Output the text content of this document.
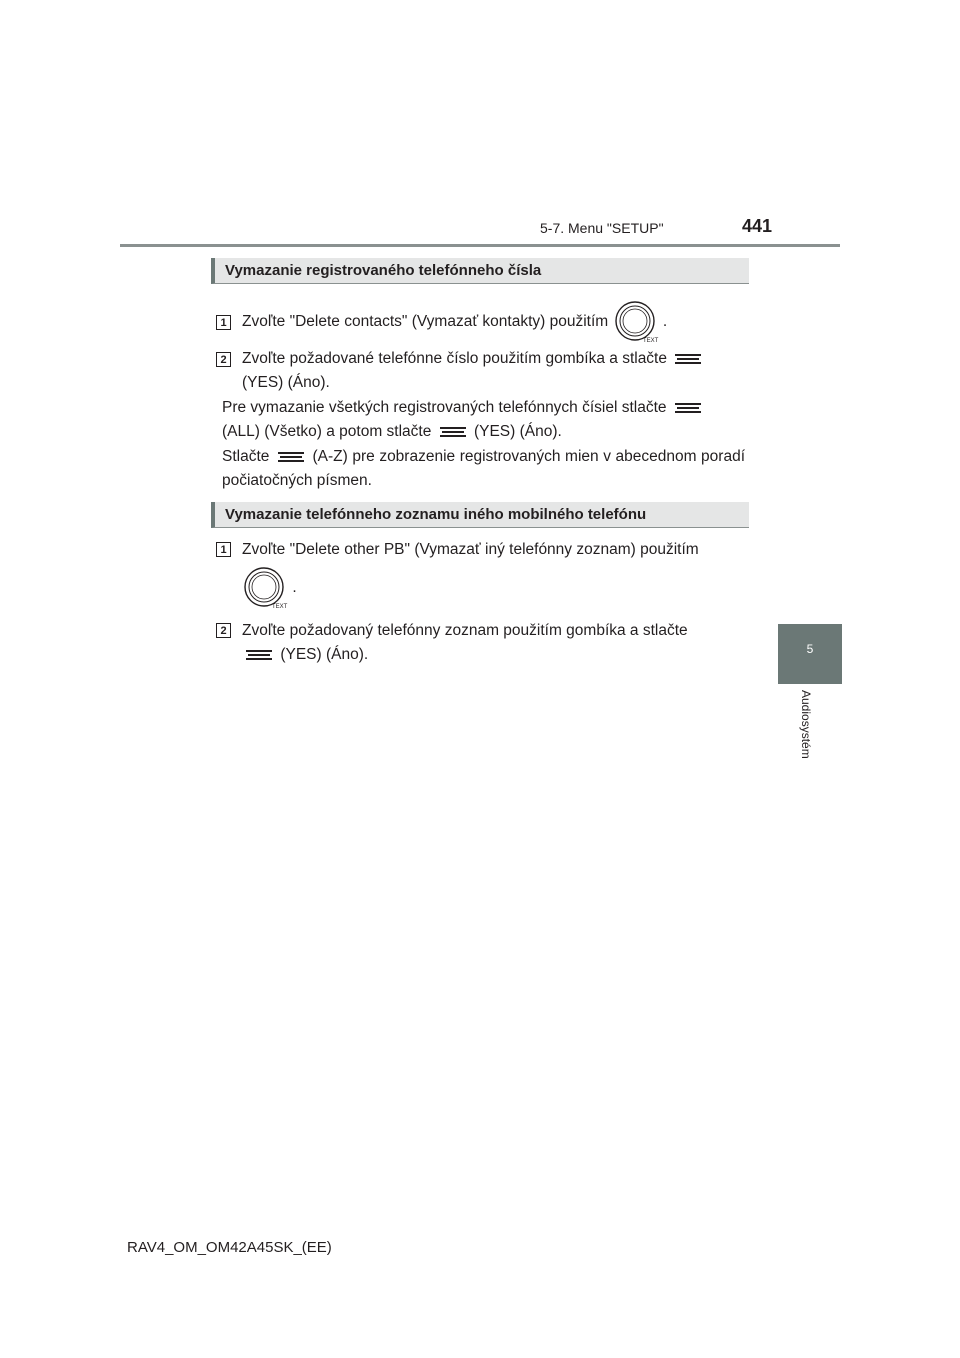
5-7. Menu "SETUP"	441
5
Audiosystém
Vymazanie registrovaného telefónneho čísla
1 Zvoľte "Delete contacts" (Vymazať kontakty) použitím
TEXT
.
2 Zvoľte požadované telefónne číslo použitím gombíka a stlačte

(YES) (Áno).
Pre vymazanie všetkých registrovaných telefónnych čísiel stlačte

(ALL) (Všetko) a potom stlačte	(YES) (Áno).
Stlačte	(A-Z) pre zobrazenie registrovaných mien v abecednom poradí počiatočných písmen.
Vymazanie telefónneho zoznamu iného mobilného telefónu
1 Zvoľte "Delete other PB" (Vymazať iný telefónny zoznam) použitím
TEXT
.
2 Zvoľte požadovaný telefónny zoznam použitím gombíka a stlačte

(YES) (Áno).
RAV4_OM_OM42A45SK_(EE)
